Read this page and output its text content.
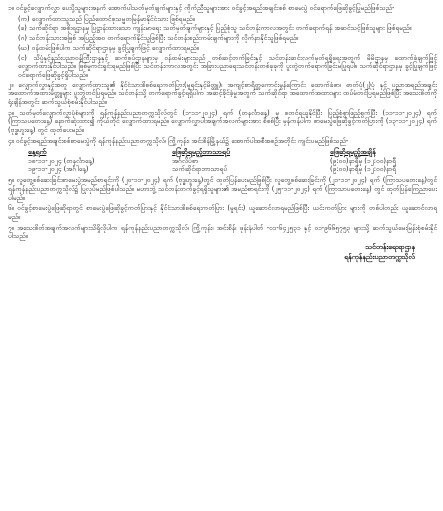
၁။ ဝင်ခွင့်လျှောက်လွှာ ပေးပို့သူများအနက် အောက်ပါသတ်မှတ်ချက်များနှင့် ကိုက်ညီသူများအား ဝင်ခွင့်အရည်အချင်းစစ် စာမေးပွဲ ဝင်ရောက်ဖြေဆိုခွင့်ပြုမည်ဖြစ်သည်-

(က) လျှောက်ထားသူသည် ပြည်ထောင်စုသမ္မတမြန်မာနိုင်ငံသား ဖြစ်ရမည်။

(ခ) သက်ဆိုင်ရာ အစိုးရဌာနမှ ပြဋ္ဌာန်းထားသော ကျန်းမာရေး သတ်မှတ်ချက်များနှင့် ပြည့်စုံသူ သင်တန်းကာလအတွင်း တက်ရောက်ရန် အဆင်သင့်ဖြစ်သူများ ဖြစ်ရမည်။

(ဂ) သင်တန်းသားအဖြစ် အပြည့်အဝ တက်ရောက်နိုင်သူဖြစ်ပြီး သင်တန်းစည်းကမ်းချက်များကို လိုက်နာနိုင်သူဖြစ်ရမည်။

(ဃ) ဝန်ထမ်းဖြစ်ပါက သက်ဆိုင်ရာဌာနမှ ခွင့်ပြုချက်ဖြင့် လျှောက်ထားရမည်။

(င) သိပ္ပံနှင့်နည်းပညာဝန်ကြီးဌာနနှင့် ဆက်စပ်ဌာနများမှ ဝန်ထမ်းများသည် တစ်ဆင့်တက်ခြင်းနှင့် သင်တန်းဆင်းလက်မှတ်ရရှိရေးအတွက် မိမိဌာနမှ ထောက်ခံချက်ဖြင့် လျှောက်ထားနိုင်ပါသည်။ ဖြစ်မှုကင်းရှင်းရမည်ဖြစ်ပြီး သင်တန်းကာလအတွင်း အခြားပညာရေးသင်တန်းတစ်ခုခုကို ပူးတွဲတက်ရောက်ခြင်းမပြုရပါ။ သက်ဆိုင်ရာဌာနမှ ခွင့်ပြုချက်ဖြင့် ဝင်ရောက်ဖြေဆိုခွင့်ရှိပါသည်။

၂။ လျှောက်လွှာနှင့်အတူ လျှောက်ထားသူ၏ နိုင်ငံသားစိစစ်ရေးကတ်ပြား(မူရင်းနှင့်မိတ္တူ)၊ အကျင့်စာရိတ္တကောင်းမွန်ကြောင်း ထောက်ခံစာ၊ ဓာတ်ပုံ(၂)ပုံ နှင့် ပညာအရည်အချင်း အထောက်အထားမိတ္တူများ ပူးတွဲတင်ပြရမည်။ သင်တန်းသို့ တက်ရောက်ခွင့်ရရှိပါက အဆင့်ခိုင်ခံ့မှုအတွက် သက်ဆိုင်ရာ အထောက်အထားများ ထပ်မံတင်ပြရမည်ဖြစ်ပြီး အသေးစိတ်ကို ရုံးချိန်အတွင်း ဆက်သွယ်စုံစမ်းနိုင်ပါသည်။

၃။ သတ်မှတ်လျှောက်လွှာပုံစံများကို ရန်ကုန်နည်းပညာတက္ကသိုလ်တွင် (၁-၁၁-၂၀၂၄) ရက် (တနင်္လာနေ့) မှ စတင်ရယူနိုင်ပြီး ပြည့်စုံစွာဖြည့်စွက်ပြီး (၁၁-၁၁-၂၀၂၄) ရက် (ကြာသပတေးနေ့) နောက်ဆုံးထား၍ ကိုယ်တိုင် လျှောက်ထားရမည်။ လျှောက်လွှာပါအချက်အလက်များအား စိစစ်ပြီး မှန်ကန်ပါက စာမေးပွဲဖြေဆိုခွင့်ကတ်ပြားကို (၁၃-၁၁-၂၀၂၄) ရက် (ဗုဒ္ဓဟူးနေ့) တွင် ထုတ်ပေးမည်။

၄။ ဝင်ခွင့်အရည်အချင်းစစ်စာမေးပွဲကို ရန်ကုန်နည်းပညာတက္ကသိုလ်၊ ကြို့ကုန်း၊ အင်းစိန်မြို့နယ်၌ အောက်ပါအစီအစဉ်အတိုင်း ကျင်းပမည်ဖြစ်သည်-

နေ့ရက်	ဖြေဆိုရမည့်ဘာသာရပ်	ဖြေဆိုရမည့်အချိန်
၁၈-၁၁-၂၀၂၄ (တနင်္လာနေ့)	အင်္ဂလိပ်စာ	(၉:၀၀)နာရီမှ (၁၂:၀၀)နာရီ
၁၉-၁၁-၂၀၂၄ (အင်္ဂါနေ့)	သက်ဆိုင်ရာဘာသာရပ်	(၉:၀၀)နာရီမှ (၁၂:၀၀)နာရီ

၅။ လူတွေ့စစ်ဆေးခြင်းစာမေးပွဲအမည်စာရင်းကို (၂၀-၁၁-၂၀၂၄) ရက် (ဗုဒ္ဓဟူးနေ့)တွင် ထုတ်ပြန်ပေးမည်ဖြစ်ပြီး လူတွေ့စစ်ဆေးခြင်းကို (၂၁-၁၁-၂၀၂၄) ရက် (ကြာသပတေးနေ့)တွင် ရန်ကုန်နည်းပညာတက္ကသိုလ်၌ ပြုလုပ်မည်ဖြစ်ပါသည်။ မဟာဘွဲ့ သင်တန်းတက်ခွင့်ရရှိသူများ၏ အမည်စာရင်းကို (၂၅-၁၁-၂၀၂၄) ရက် (ကြာသာပတေးနေ့) တွင် ထုတ်ပြန်ကြေညာပေးပါမည်။

၆။ ဝင်ခွင့်စာမေးပွဲဖြေဆိုရာတွင် စာမေးပွဲဖြေဆိုခွင့်ကတ်ပြားနှင့် နိုင်ငံသားစိစစ်ရေးကတ်ပြား (မူရင်း) ယူဆောင်လာရမည်ဖြစ်ပြီး ယင်းကတ်ပြား များကို တစ်ပါတည်း ယူဆောင်လာရမည်။

၇။ အသေးစိတ်အချက်အလက်များသိရှိလိုပါက ရန်ကုန်နည်းပညာတက္ကသိုလ်၊ ကြို့ကုန်း၊ အင်းစိန်၊ ဖုန်းနံပါတ် -၀၁-၆၄၂၅၃၁ နှင့် ၀၁-၉၆၆၅၇၅၃ များသို့ ဆက်သွယ်မေးမြန်းစုံစမ်းနိုင်ပါသည်။

သင်တန်းရေးရာဌာန
ရန်ကုန်နည်းပညာတက္ကသိုလ်
